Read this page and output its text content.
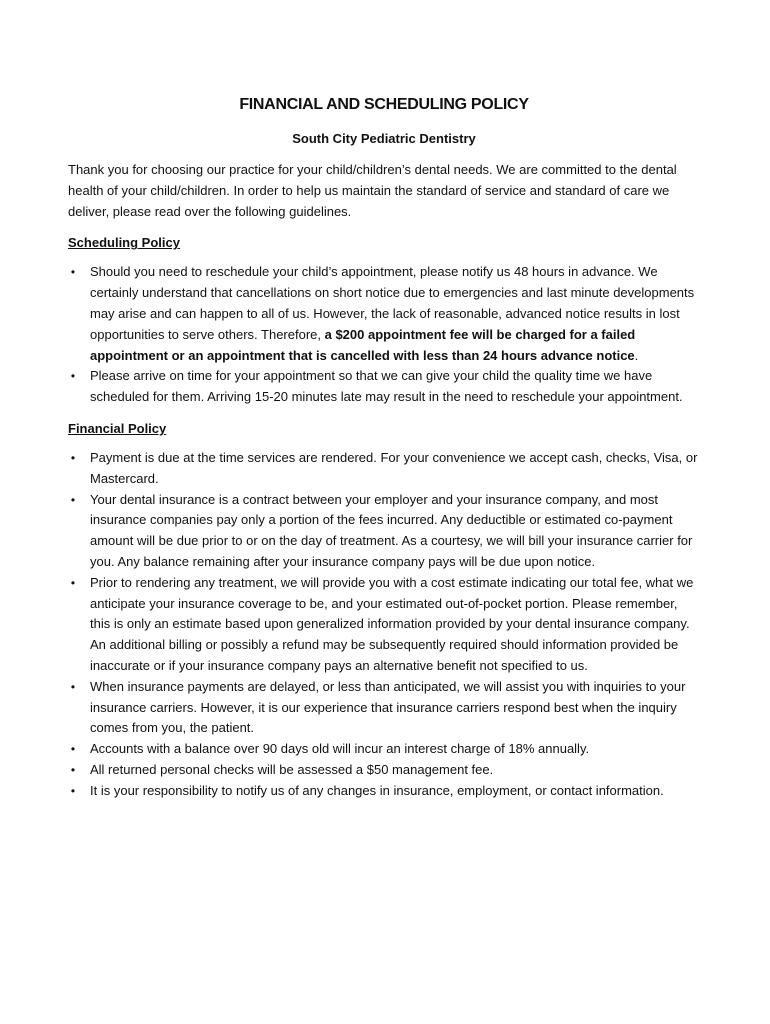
FINANCIAL AND SCHEDULING POLICY
South City Pediatric Dentistry

Thank you for choosing our practice for your child/children’s dental needs. We are committed to the dental health of your child/children. In order to help us maintain the standard of service and standard of care we deliver, please read over the following guidelines.

Scheduling Policy
• Should you need to reschedule your child’s appointment, please notify us 48 hours in advance. We certainly understand that cancellations on short notice due to emergencies and last minute developments may arise and can happen to all of us. However, the lack of reasonable, advanced notice results in lost opportunities to serve others. Therefore, a $200 appointment fee will be charged for a failed appointment or an appointment that is cancelled with less than 24 hours advance notice.
• Please arrive on time for your appointment so that we can give your child the quality time we have scheduled for them. Arriving 15-20 minutes late may result in the need to reschedule your appointment.
Financial Policy
• Payment is due at the time services are rendered. For your convenience we accept cash, checks, Visa, or Mastercard.
• Your dental insurance is a contract between your employer and your insurance company, and most insurance companies pay only a portion of the fees incurred. Any deductible or estimated co-payment amount will be due prior to or on the day of treatment. As a courtesy, we will bill your insurance carrier for you. Any balance remaining after your insurance company pays will be due upon notice.
• Prior to rendering any treatment, we will provide you with a cost estimate indicating our total fee, what we anticipate your insurance coverage to be, and your estimated out-of-pocket portion. Please remember, this is only an estimate based upon generalized information provided by your dental insurance company. An additional billing or possibly a refund may be subsequently required should information provided be inaccurate or if your insurance company pays an alternative benefit not specified to us.
• When insurance payments are delayed, or less than anticipated, we will assist you with inquiries to your insurance carriers. However, it is our experience that insurance carriers respond best when the inquiry comes from you, the patient.
• Accounts with a balance over 90 days old will incur an interest charge of 18% annually.
• All returned personal checks will be assessed a $50 management fee.
• It is your responsibility to notify us of any changes in insurance, employment, or contact information.
